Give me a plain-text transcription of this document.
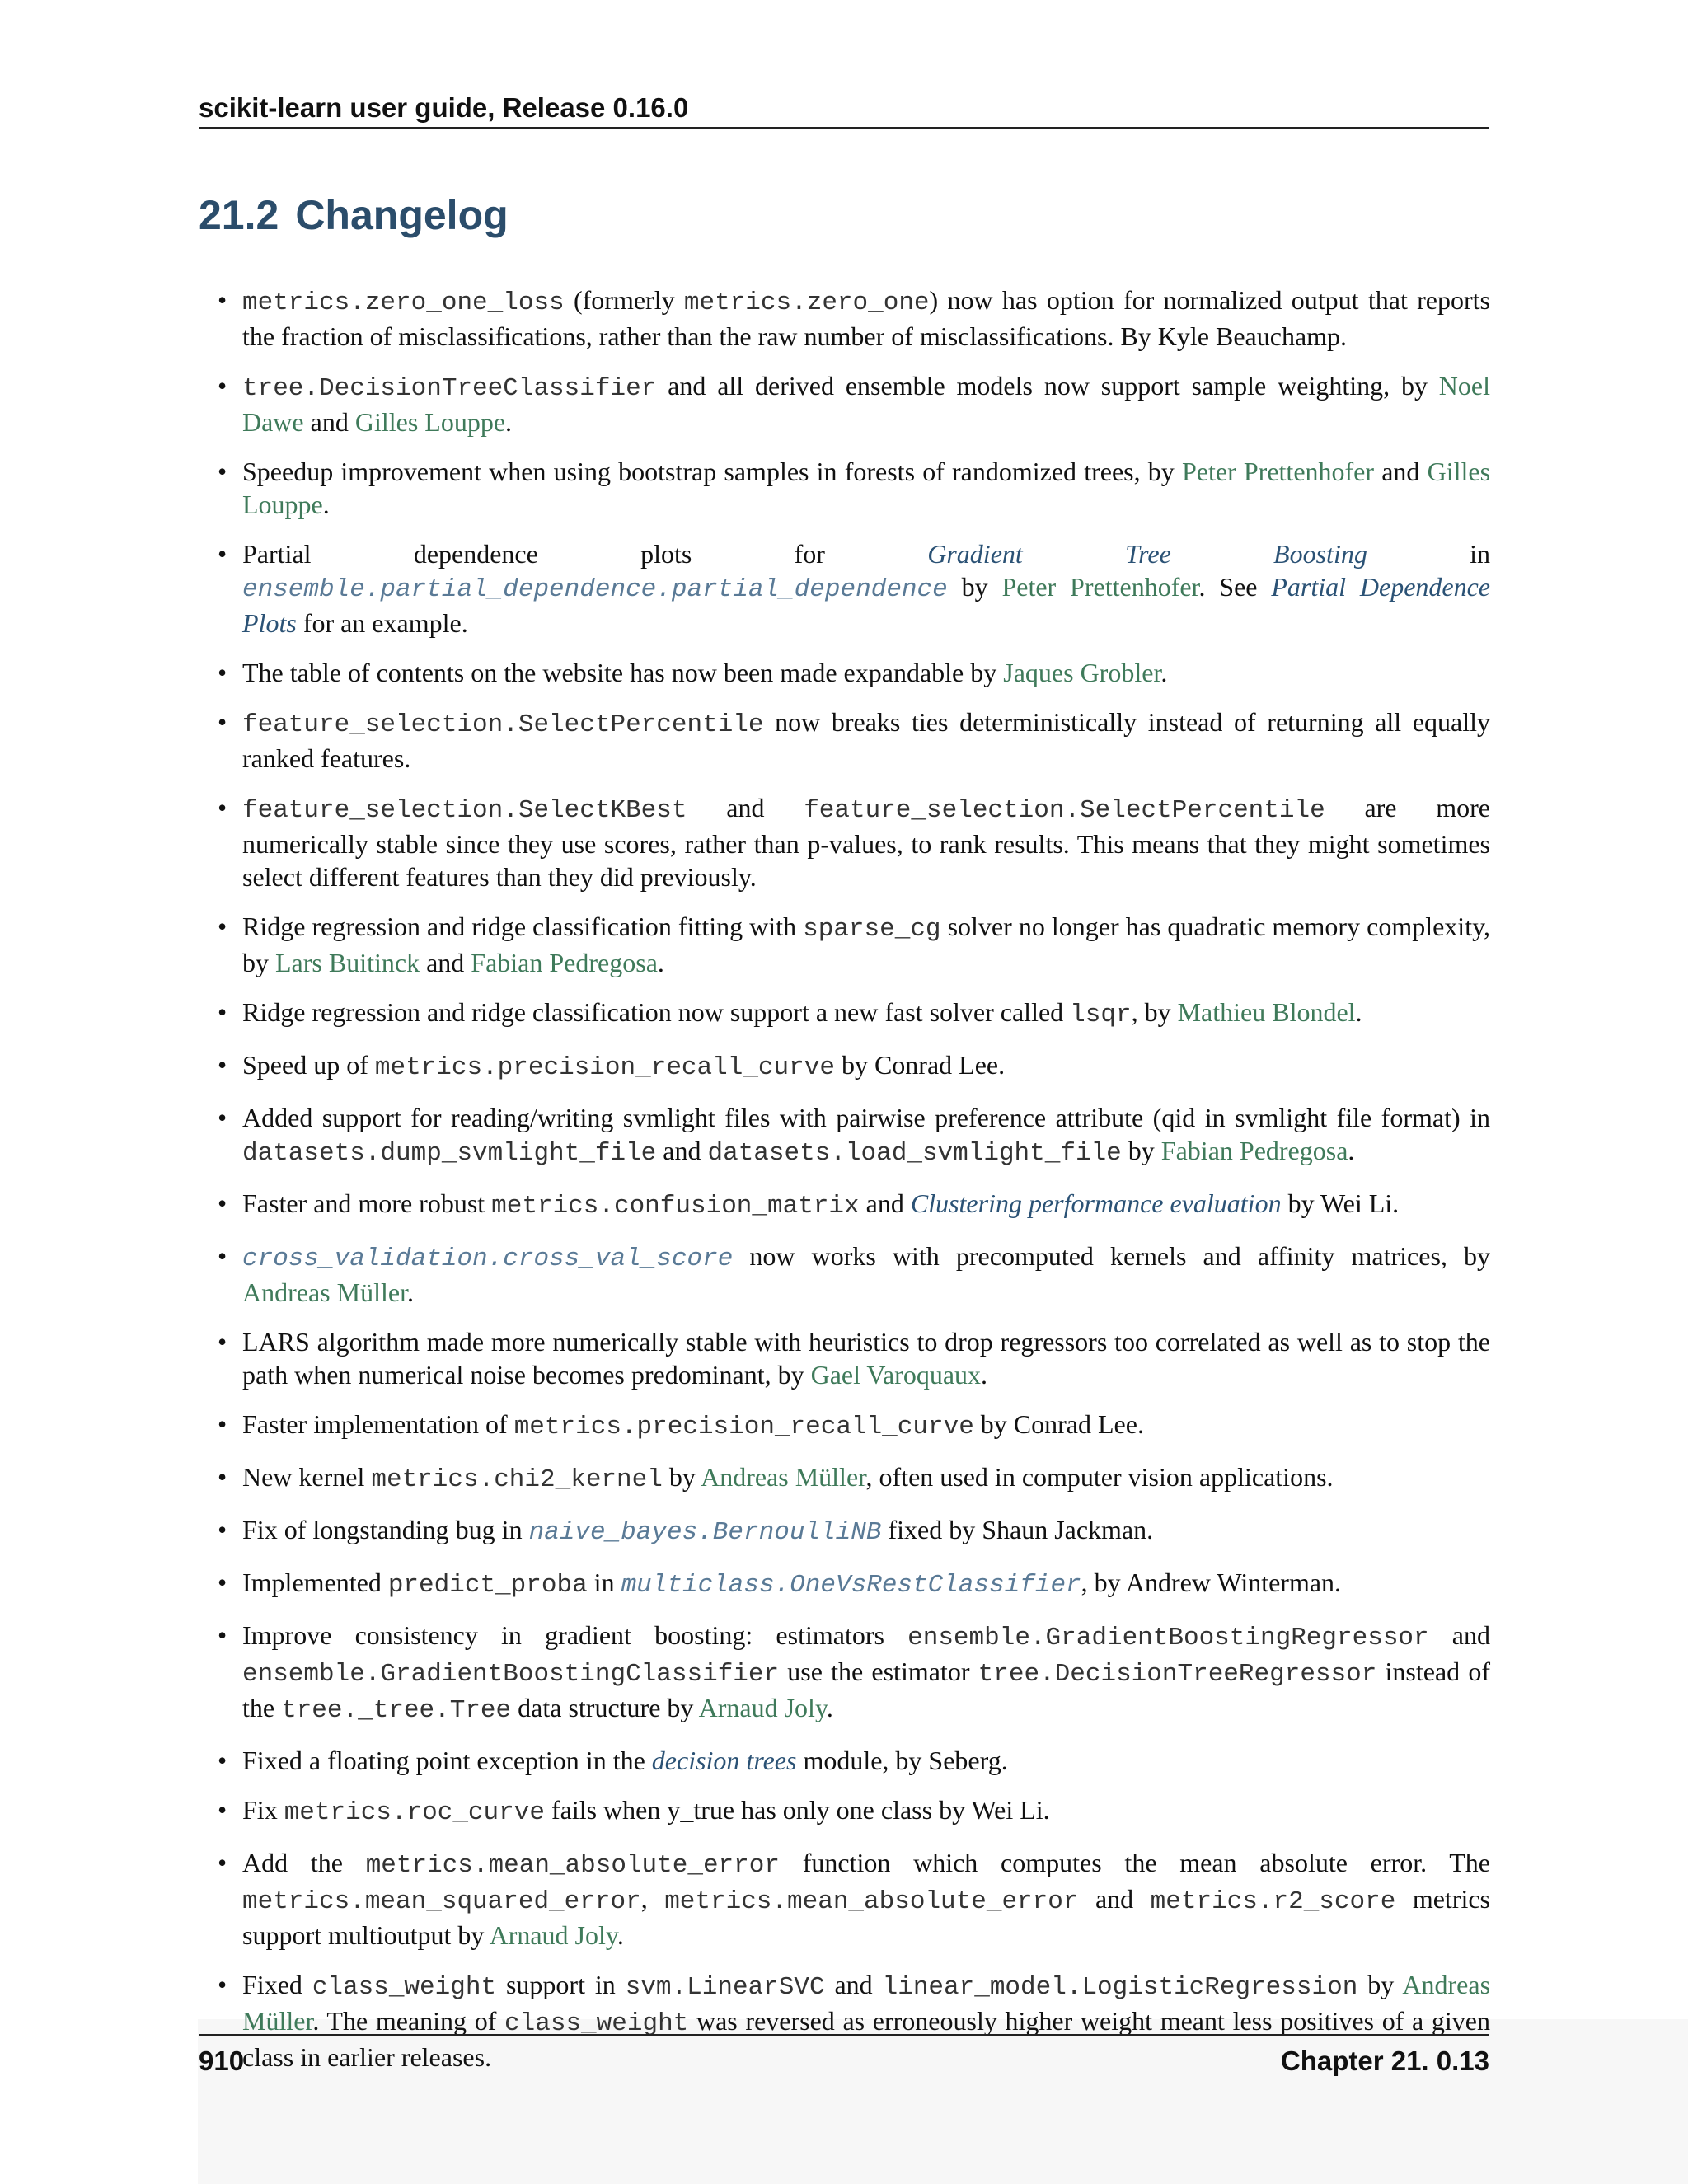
scikit-learn user guide, Release 0.16.0
21.2 Changelog
• metrics.zero_one_loss (formerly metrics.zero_one) now has option for normalized output that reports the fraction of misclassifications, rather than the raw number of misclassifications. By Kyle Beauchamp.
• tree.DecisionTreeClassifier and all derived ensemble models now support sample weighting, by Noel Dawe and Gilles Louppe.
• Speedup improvement when using bootstrap samples in forests of randomized trees, by Peter Prettenhofer and Gilles Louppe.
• Partial dependence plots for Gradient Tree Boosting in ensemble.partial_dependence.partial_dependence by Peter Prettenhofer. See Partial Dependence Plots for an example.
• The table of contents on the website has now been made expandable by Jaques Grobler.
• feature_selection.SelectPercentile now breaks ties deterministically instead of returning all equally ranked features.
• feature_selection.SelectKBest and feature_selection.SelectPercentile are more numerically stable since they use scores, rather than p-values, to rank results. This means that they might sometimes select different features than they did previously.
• Ridge regression and ridge classification fitting with sparse_cg solver no longer has quadratic memory complexity, by Lars Buitinck and Fabian Pedregosa.
• Ridge regression and ridge classification now support a new fast solver called lsqr, by Mathieu Blondel.
• Speed up of metrics.precision_recall_curve by Conrad Lee.
• Added support for reading/writing svmlight files with pairwise preference attribute (qid in svmlight file format) in datasets.dump_svmlight_file and datasets.load_svmlight_file by Fabian Pedregosa.
• Faster and more robust metrics.confusion_matrix and Clustering performance evaluation by Wei Li.
• cross_validation.cross_val_score now works with precomputed kernels and affinity matrices, by Andreas Müller.
• LARS algorithm made more numerically stable with heuristics to drop regressors too correlated as well as to stop the path when numerical noise becomes predominant, by Gael Varoquaux.
• Faster implementation of metrics.precision_recall_curve by Conrad Lee.
• New kernel metrics.chi2_kernel by Andreas Müller, often used in computer vision applications.
• Fix of longstanding bug in naive_bayes.BernoulliNB fixed by Shaun Jackman.
• Implemented predict_proba in multiclass.OneVsRestClassifier, by Andrew Winterman.
• Improve consistency in gradient boosting: estimators ensemble.GradientBoostingRegressor and ensemble.GradientBoostingClassifier use the estimator tree.DecisionTreeRegressor instead of the tree._tree.Tree data structure by Arnaud Joly.
• Fixed a floating point exception in the decision trees module, by Seberg.
• Fix metrics.roc_curve fails when y_true has only one class by Wei Li.
• Add the metrics.mean_absolute_error function which computes the mean absolute error. The metrics.mean_squared_error, metrics.mean_absolute_error and metrics.r2_score metrics support multioutput by Arnaud Joly.
• Fixed class_weight support in svm.LinearSVC and linear_model.LogisticRegression by Andreas Müller. The meaning of class_weight was reversed as erroneously higher weight meant less positives of a given class in earlier releases.
910	Chapter 21. 0.13
